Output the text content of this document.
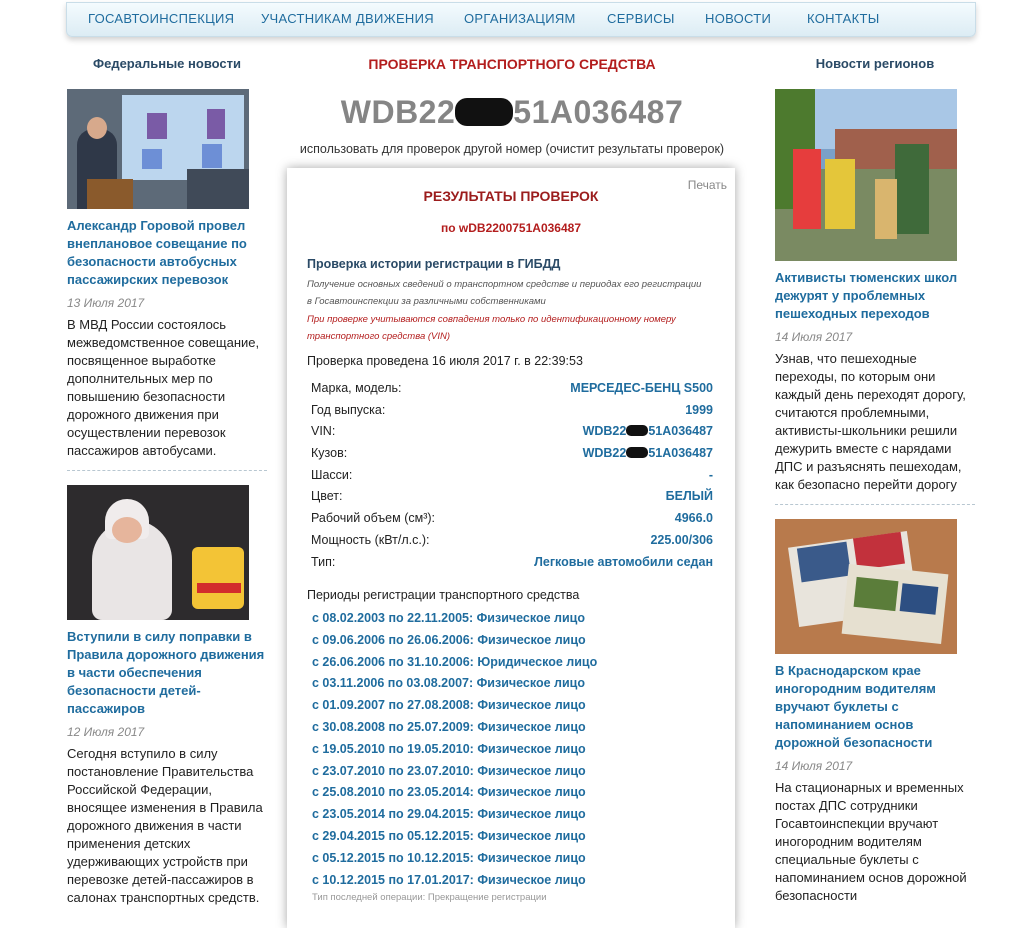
ГОСАВТОИНСПЕКЦИЯ УЧАСТНИКАМ ДВИЖЕНИЯ ОРГАНИЗАЦИЯМ СЕРВИСЫ НОВОСТИ	КОНТАКТЫ
Федеральные новости
Александр Горовой провел внеплановое совещание по безопасности автобусных пассажирских перевозок
13 Июля 2017
В МВД России состоялось межведомственное совещание, посвященное выработке дополнительных мер по повышению безопасности дорожного движения при осуществлении перевозок пассажиров автобусами.
Вступили в силу поправки в Правила дорожного движения в части обеспечения безопасности детей-пассажиров
12 Июля 2017
Сегодня вступило в силу постановление Правительства Российской Федерации, вносящее изменения в Правила дорожного движения в части применения детских удерживающих устройств при перевозке детей-пассажиров в салонах транспортных средств.
ПРОВЕРКА ТРАНСПОРТНОГО СРЕДСТВА
WDB22 51A036487
использовать для проверок другой номер (очистит результаты проверок)
Печать
РЕЗУЛЬТАТЫ ПРОВЕРОК
по wDB2200751A036487
Проверка истории регистрации в ГИБДД
Получение основных сведений о транспортном средстве и периодах его регистрации в Госавтоинспекции за различными собственниками
При проверке учитываются совпадения только по идентификационному номеру транспортного средства (VIN)
Проверка проведена 16 июля 2017 г. в 22:39:53
Марка, модель:	МЕРСЕДЕС-БЕНЦ S500
Год выпуска:	1999
VIN:	WDB22 51A036487
Кузов:	WDB22 51A036487
Шасси:	-
Цвет:	БЕЛЫЙ
Рабочий объем (см³):	4966.0
Мощность (кВт/л.с.):	225.00/306
Тип:	Легковые автомобили седан
Периоды регистрации транспортного средства
с 08.02.2003 по 22.11.2005: Физическое лицо
с 09.06.2006 по 26.06.2006: Физическое лицо
с 26.06.2006 по 31.10.2006: Юридическое лицо
с 03.11.2006 по 03.08.2007: Физическое лицо
с 01.09.2007 по 27.08.2008: Физическое лицо
с 30.08.2008 по 25.07.2009: Физическое лицо
с 19.05.2010 по 19.05.2010: Физическое лицо
с 23.07.2010 по 23.07.2010: Физическое лицо
с 25.08.2010 по 23.05.2014: Физическое лицо
с 23.05.2014 по 29.04.2015: Физическое лицо
с 29.04.2015 по 05.12.2015: Физическое лицо
с 05.12.2015 по 10.12.2015: Физическое лицо
с 10.12.2015 по 17.01.2017: Физическое лицо
Тип последней операции: Прекращение регистрации
Новости регионов
Активисты тюменских школ дежурят у проблемных пешеходных переходов
14 Июля 2017
Узнав, что пешеходные переходы, по которым они каждый день переходят дорогу, считаются проблемными, активисты-школьники решили дежурить вместе с нарядами ДПС и разъяснять пешеходам, как безопасно перейти дорогу
В Краснодарском крае иногородним водителям вручают буклеты с напоминанием основ дорожной безопасности
14 Июля 2017
На стационарных и временных постах ДПС сотрудники Госавтоинспекции вручают иногородним водителям специальные буклеты с напоминанием основ дорожной безопасности
